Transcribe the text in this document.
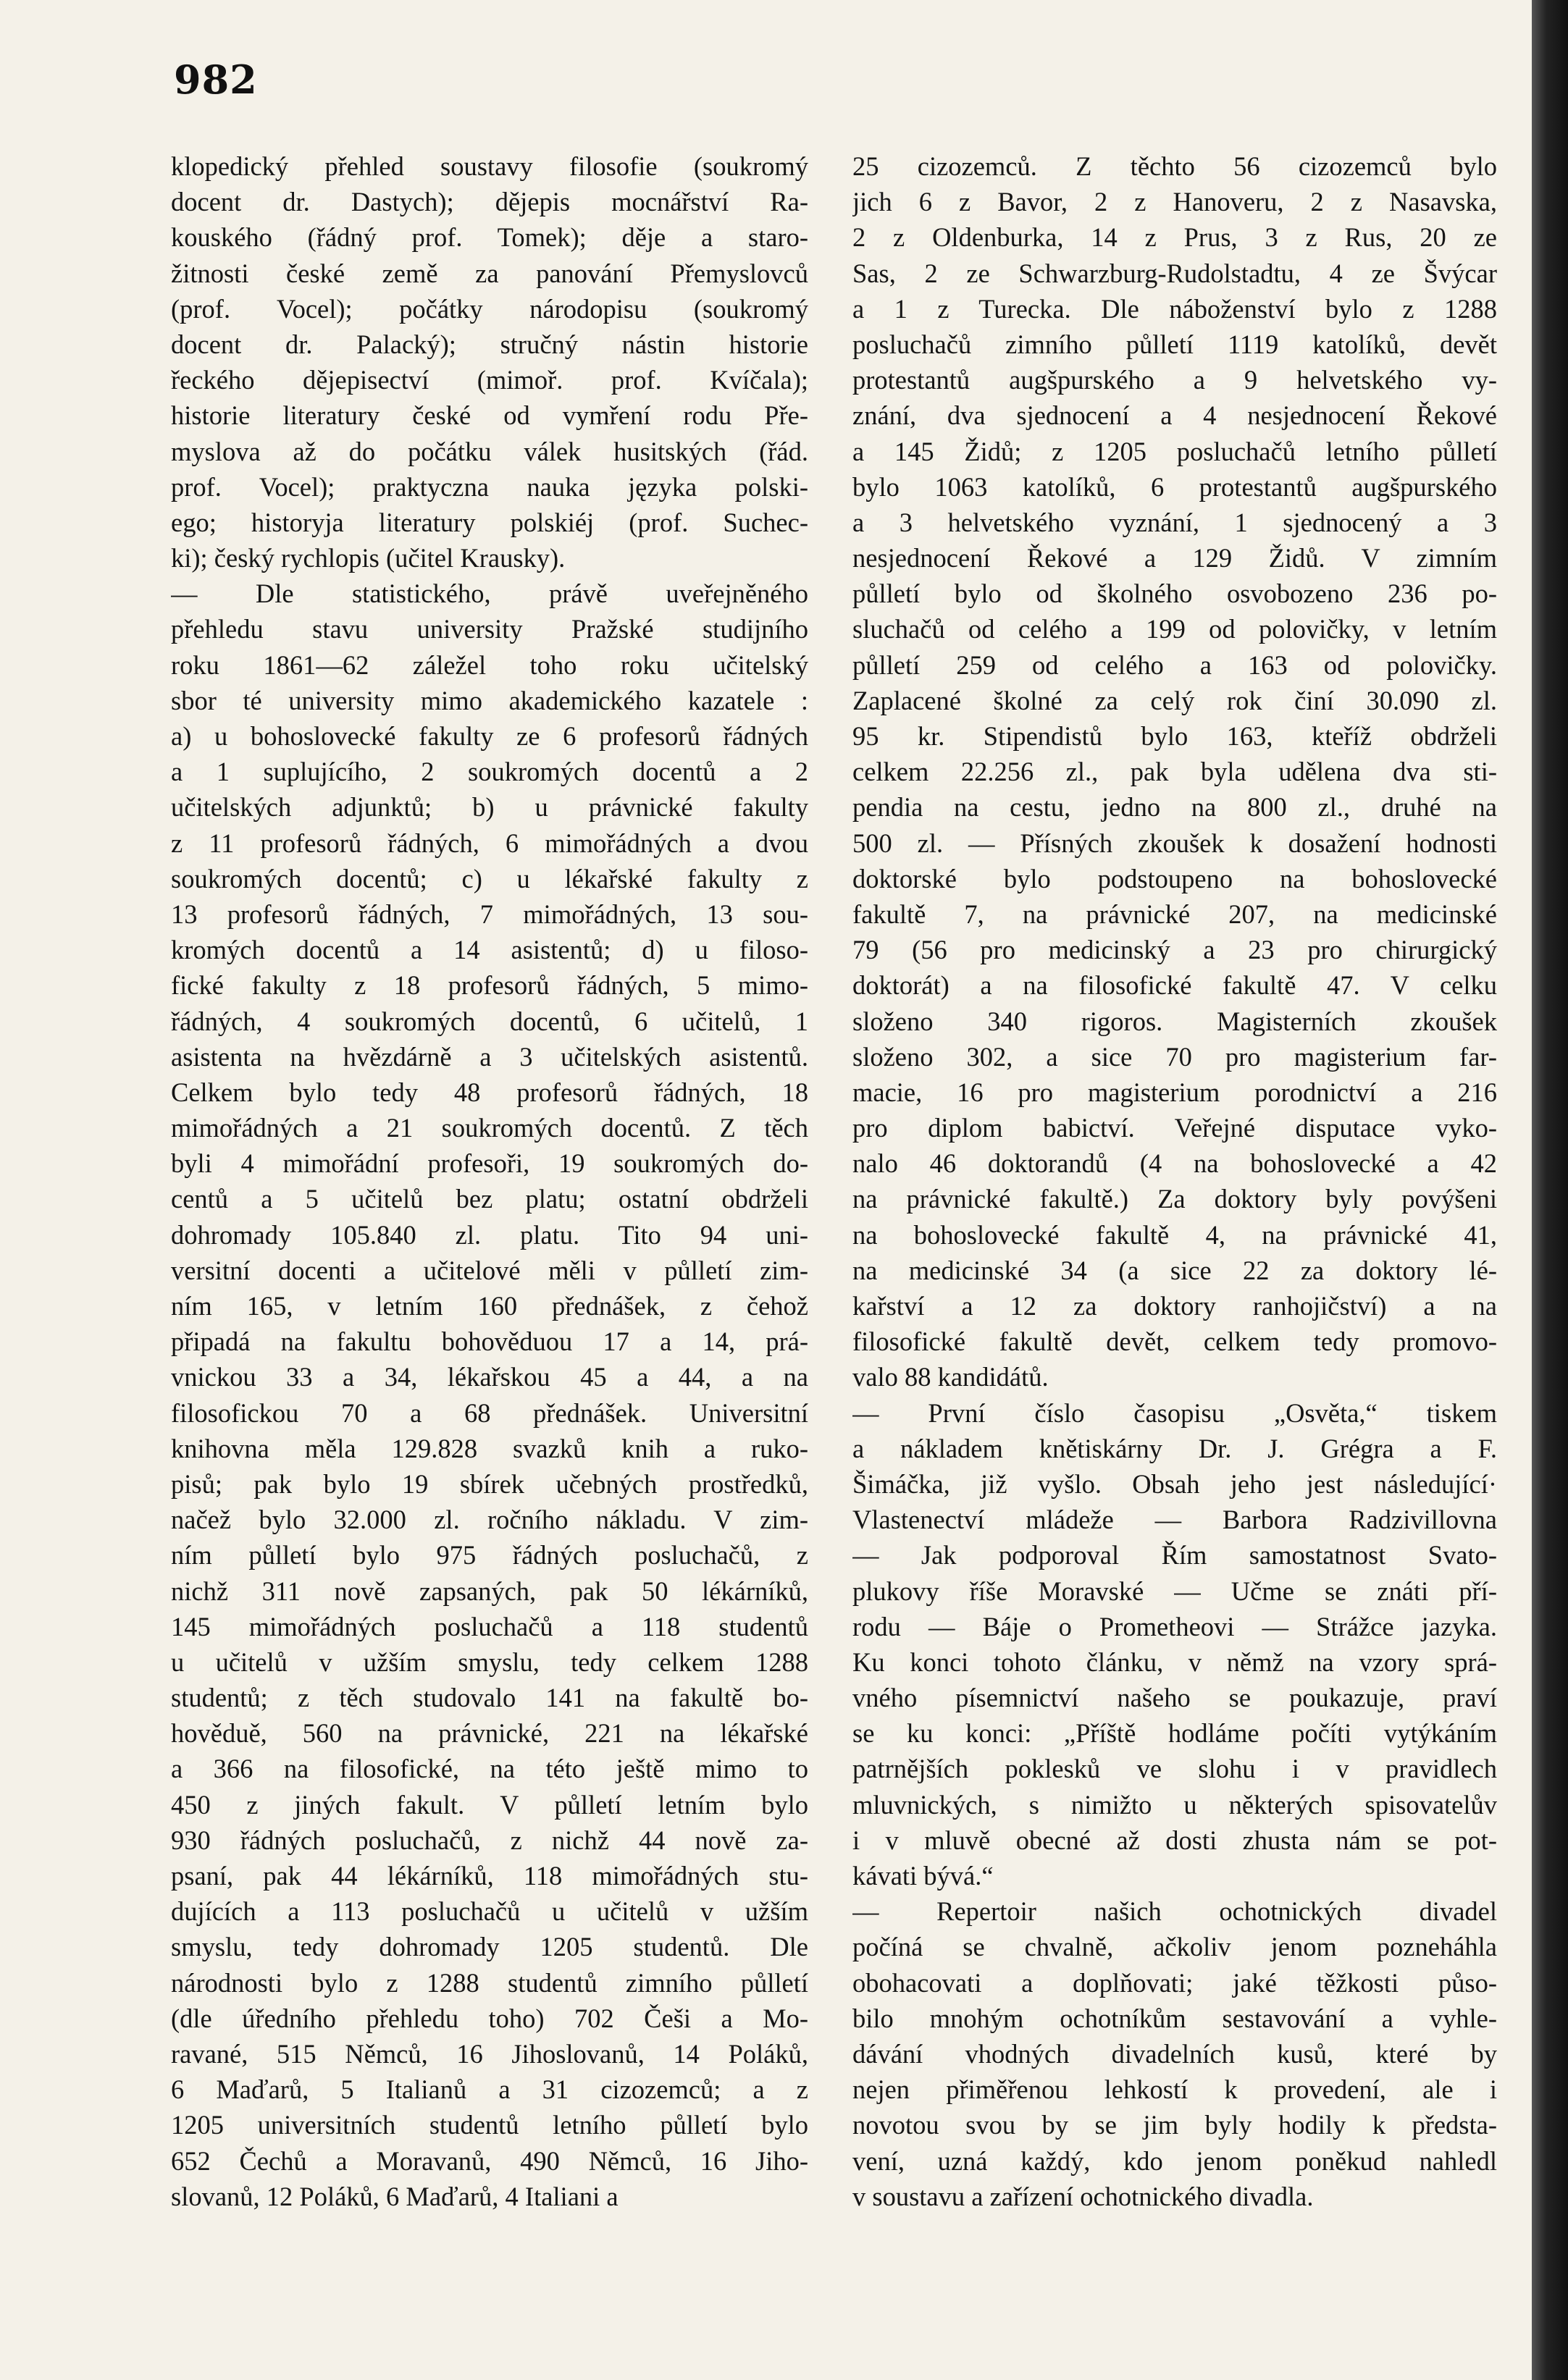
982
klopedický přehled soustavy filosofie (soukromý
docent dr. Dastych); dějepis mocnářství Ra-
kouského (řádný prof. Tomek); děje a staro-
žitnosti české země za panování Přemyslovců
(prof. Vocel); počátky národopisu (soukromý
docent dr. Palacký); stručný nástin historie
řeckého dějepisectví (mimoř. prof. Kvíčala);
historie literatury české od vymření rodu Pře-
myslova až do počátku válek husitských (řád.
prof. Vocel); praktyczna nauka języka polski-
ego; historyja literatury polskiéj (prof. Suchec-
ki); český rychlopis (učitel Krausky).
— Dle statistického, právě uveřejněného
přehledu stavu university Pražské studijního
roku 1861—62 záležel toho roku učitelský
sbor té university mimo akademického kazatele :
a) u bohoslovecké fakulty ze 6 profesorů řádných
a 1 suplujícího, 2 soukromých docentů a 2
učitelských adjunktů; b) u právnické fakulty
z 11 profesorů řádných, 6 mimořádných a dvou
soukromých docentů; c) u lékařské fakulty z
13 profesorů řádných, 7 mimořádných, 13 sou-
kromých docentů a 14 asistentů; d) u filoso-
fické fakulty z 18 profesorů řádných, 5 mimo-
řádných, 4 soukromých docentů, 6 učitelů, 1
asistenta na hvězdárně a 3 učitelských asistentů.
Celkem bylo tedy 48 profesorů řádných, 18
mimořádných a 21 soukromých docentů. Z těch
byli 4 mimořádní profesoři, 19 soukromých do-
centů a 5 učitelů bez platu; ostatní obdrželi
dohromady 105.840 zl. platu. Tito 94 uni-
versitní docenti a učitelové měli v půlletí zim-
ním 165, v letním 160 přednášek, z čehož
připadá na fakultu bohověduou 17 a 14, prá-
vnickou 33 a 34, lékařskou 45 a 44, a na
filosofickou 70 a 68 přednášek. Universitní
knihovna měla 129.828 svazků knih a ruko-
pisů; pak bylo 19 sbírek učebných prostředků,
načež bylo 32.000 zl. ročního nákladu. V zim-
ním půlletí bylo 975 řádných posluchačů, z
nichž 311 nově zapsaných, pak 50 lékárníků,
145 mimořádných posluchačů a 118 studentů
u učitelů v užším smyslu, tedy celkem 1288
studentů; z těch studovalo 141 na fakultě bo-
hověduě, 560 na právnické, 221 na lékařské
a 366 na filosofické, na této ještě mimo to
450 z jiných fakult. V půlletí letním bylo
930 řádných posluchačů, z nichž 44 nově za-
psaní, pak 44 lékárníků, 118 mimořádných stu-
dujících a 113 posluchačů u učitelů v užším
smyslu, tedy dohromady 1205 studentů. Dle
národnosti bylo z 1288 studentů zimního půlletí
(dle úředního přehledu toho) 702 Češi a Mo-
ravané, 515 Němců, 16 Jihoslovanů, 14 Poláků,
6 Maďarů, 5 Italianů a 31 cizozemců; a z
1205 universitních studentů letního půlletí bylo
652 Čechů a Moravanů, 490 Němců, 16 Jiho-
slovanů, 12 Poláků, 6 Maďarů, 4 Italiani a
25 cizozemců. Z těchto 56 cizozemců bylo
jich 6 z Bavor, 2 z Hanoveru, 2 z Nasavska,
2 z Oldenburka, 14 z Prus, 3 z Rus, 20 ze
Sas, 2 ze Schwarzburg-Rudolstadtu, 4 ze Švýcar
a 1 z Turecka. Dle náboženství bylo z 1288
posluchačů zimního půlletí 1119 katolíků, devět
protestantů augšpurského a 9 helvetského vy-
znání, dva sjednocení a 4 nesjednocení Řekové
a 145 Židů; z 1205 posluchačů letního půlletí
bylo 1063 katolíků, 6 protestantů augšpurského
a 3 helvetského vyznání, 1 sjednocený a 3
nesjednocení Řekové a 129 Židů. V zimním
půlletí bylo od školného osvobozeno 236 po-
sluchačů od celého a 199 od polovičky, v letním
půlletí 259 od celého a 163 od polovičky.
Zaplacené školné za celý rok činí 30.090 zl.
95 kr. Stipendistů bylo 163, kteříž obdrželi
celkem 22.256 zl., pak byla udělena dva sti-
pendia na cestu, jedno na 800 zl., druhé na
500 zl. — Přísných zkoušek k dosažení hodnosti
doktorské bylo podstoupeno na bohoslovecké
fakultě 7, na právnické 207, na medicinské
79 (56 pro medicinský a 23 pro chirurgický
doktorát) a na filosofické fakultě 47. V celku
složeno 340 rigoros. Magisterních zkoušek
složeno 302, a sice 70 pro magisterium far-
macie, 16 pro magisterium porodnictví a 216
pro diplom babictví. Veřejné disputace vyko-
nalo 46 doktorandů (4 na bohoslovecké a 42
na právnické fakultě.) Za doktory byly povýšeni
na bohoslovecké fakultě 4, na právnické 41,
na medicinské 34 (a sice 22 za doktory lé-
kařství a 12 za doktory ranhojičství) a na
filosofické fakultě devět, celkem tedy promovo-
valo 88 kandidátů.
— První číslo časopisu „Osvěta,“ tiskem
a nákladem knětiskárny Dr. J. Grégra a F.
Šimáčka, již vyšlo. Obsah jeho jest následující·
Vlastenectví mládeže — Barbora Radzivillovna
— Jak podporoval Řím samostatnost Svato-
plukovy říše Moravské — Učme se znáti pří-
rodu — Báje o Prometheovi — Strážce jazyka.
Ku konci tohoto článku, v němž na vzory sprá-
vného písemnictví našeho se poukazuje, praví
se ku konci: „Příště hodláme počíti vytýkáním
patrnějších poklesků ve slohu i v pravidlech
mluvnických, s nimižto u některých spisovatelův
i v mluvě obecné až dosti zhusta nám se pot-
kávati bývá.“
— Repertoir našich ochotnických divadel
počíná se chvalně, ačkoliv jenom pozneháhla
obohacovati a doplňovati; jaké těžkosti půso-
bilo mnohým ochotníkům sestavování a vyhle-
dávání vhodných divadelních kusů, které by
nejen přiměřenou lehkostí k provedení, ale i
novotou svou by se jim byly hodily k předsta-
vení, uzná každý, kdo jenom poněkud nahledl
v soustavu a zařízení ochotnického divadla.
